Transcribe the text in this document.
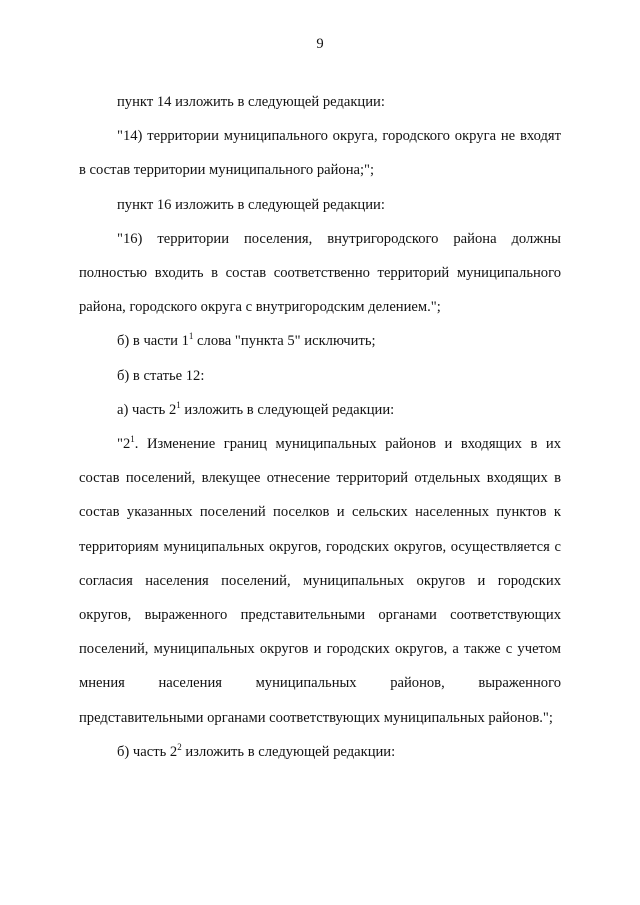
9

пункт 14 изложить в следующей редакции:

"14) территории муниципального округа, городского округа не входят в состав территории муниципального района;";

пункт 16 изложить в следующей редакции:

"16) территории поселения, внутригородского района должны полностью входить в состав соответственно территорий муниципального района, городского округа с внутригородским делением.";

б) в части $1^1$ слова "пункта 5" исключить;

б) в статье 12:

а) часть $2^1$ изложить в следующей редакции:

"$2^1$. Изменение границ муниципальных районов и входящих в их состав поселений, влекущее отнесение территорий отдельных входящих в состав указанных поселений поселков и сельских населенных пунктов к территориям муниципальных округов, городских округов, осуществляется с согласия населения поселений, муниципальных округов и городских округов, выраженного представительными органами соответствующих поселений, муниципальных округов и городских округов, а также с учетом мнения населения муниципальных районов, выраженного представительными органами соответствующих муниципальных районов.";

б) часть $2^2$ изложить в следующей редакции:
